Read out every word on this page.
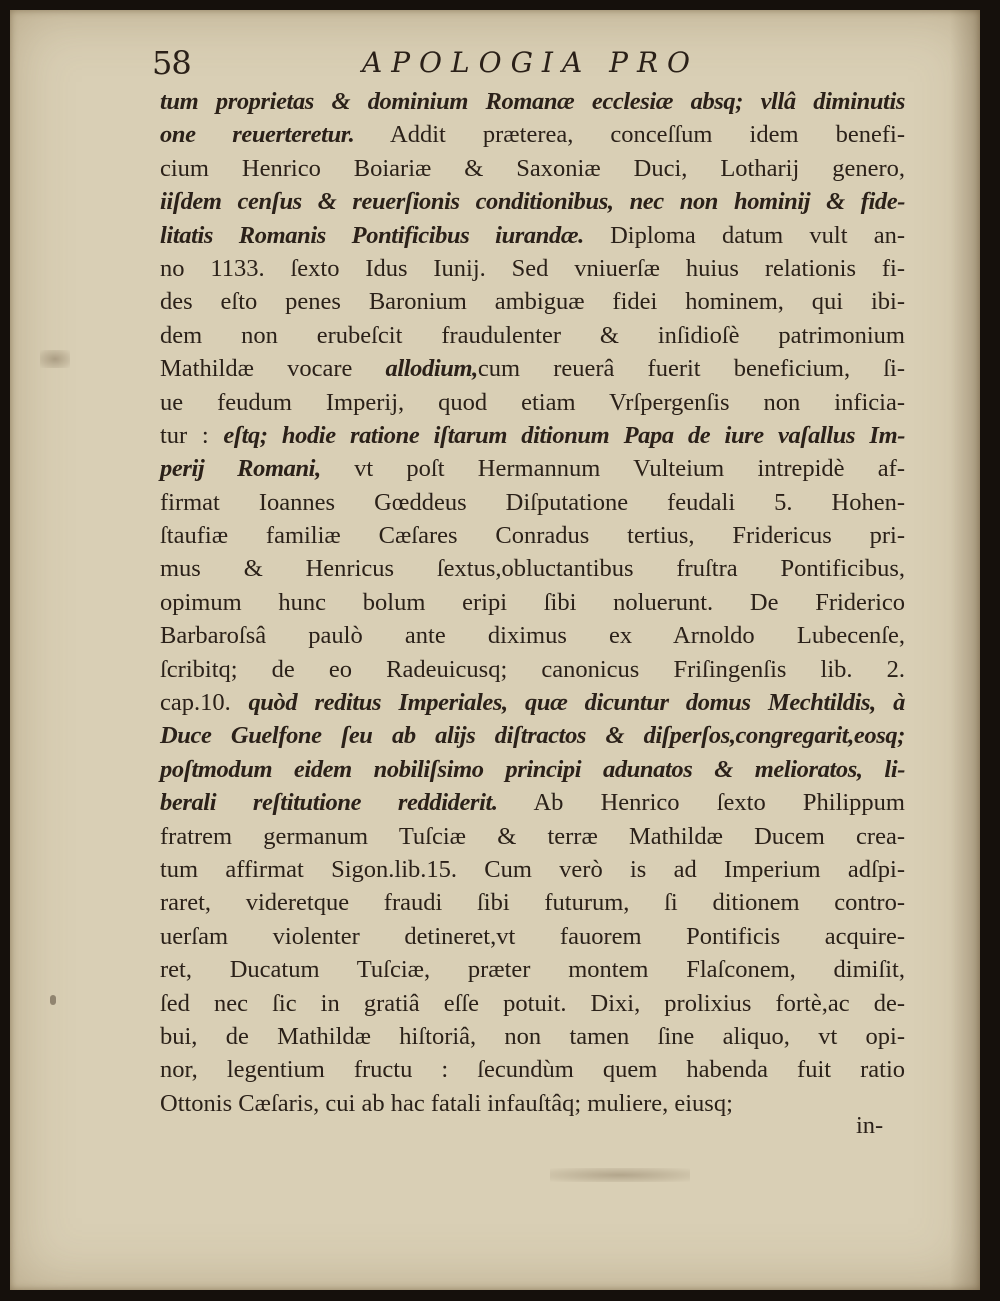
58	APOLOGIA PRO
tum proprietas & dominium Romanæ ecclesiæ absq; vllâ diminutis
one reuerteretur. Addit præterea, conceſſum idem benefi-
cium Henrico Boiariæ & Saxoniæ Duci, Lotharij genero,
iiſdem cenſus & reuerſionis conditionibus, nec non hominij & fide-
litatis Romanis Pontificibus iurandæ. Diploma datum vult an-
no 1133. ſexto Idus Iunij. Sed vniuerſæ huius relationis fi-
des eſto penes Baronium ambiguæ fidei hominem, qui ibi-
dem non erubeſcit fraudulenter & inſidioſè patrimonium
Mathildæ vocare allodium,cum reuerâ fuerit beneficium, ſi-
ue feudum Imperij, quod etiam Vrſpergenſis non inficia-
tur : eſtq; hodie ratione iſtarum ditionum Papa de iure vaſallus Im-
perij Romani, vt poſt Hermannum Vulteium intrepidè af-
firmat Ioannes Gœddeus Diſputatione feudali 5. Hohen-
ſtaufiæ familiæ Cæſares Conradus tertius, Fridericus pri-
mus & Henricus ſextus,obluctantibus fruſtra Pontificibus,
opimum hunc bolum eripi ſibi noluerunt. De Friderico
Barbaroſsâ paulò ante diximus ex Arnoldo Lubecenſe,
ſcribitq; de eo Radeuicusq; canonicus Friſingenſis lib. 2.
cap.10. quòd reditus Imperiales, quæ dicuntur domus Mechtildis, à
Duce Guelfone ſeu ab alijs diſtractos & diſperſos,congregarit,eosq;
poſtmodum eidem nobiliſsimo principi adunatos & melioratos, li-
berali reſtitutione reddiderit. Ab Henrico ſexto Philippum
fratrem germanum Tuſciæ & terræ Mathildæ Ducem crea-
tum affirmat Sigon.lib.15. Cum verò is ad Imperium adſpi-
raret, videretque fraudi ſibi futurum, ſi ditionem contro-
uerſam violenter detineret,vt fauorem Pontificis acquire-
ret, Ducatum Tuſciæ, præter montem Flaſconem, dimiſit,
ſed nec ſic in gratiâ eſſe potuit. Dixi, prolixius fortè,ac de-
bui, de Mathildæ hiſtoriâ, non tamen ſine aliquo, vt opi-
nor, legentium fructu : ſecundùm quem habenda fuit ratio
Ottonis Cæſaris, cui ab hac fatali infauſtâq; muliere, eiusq;
in-
